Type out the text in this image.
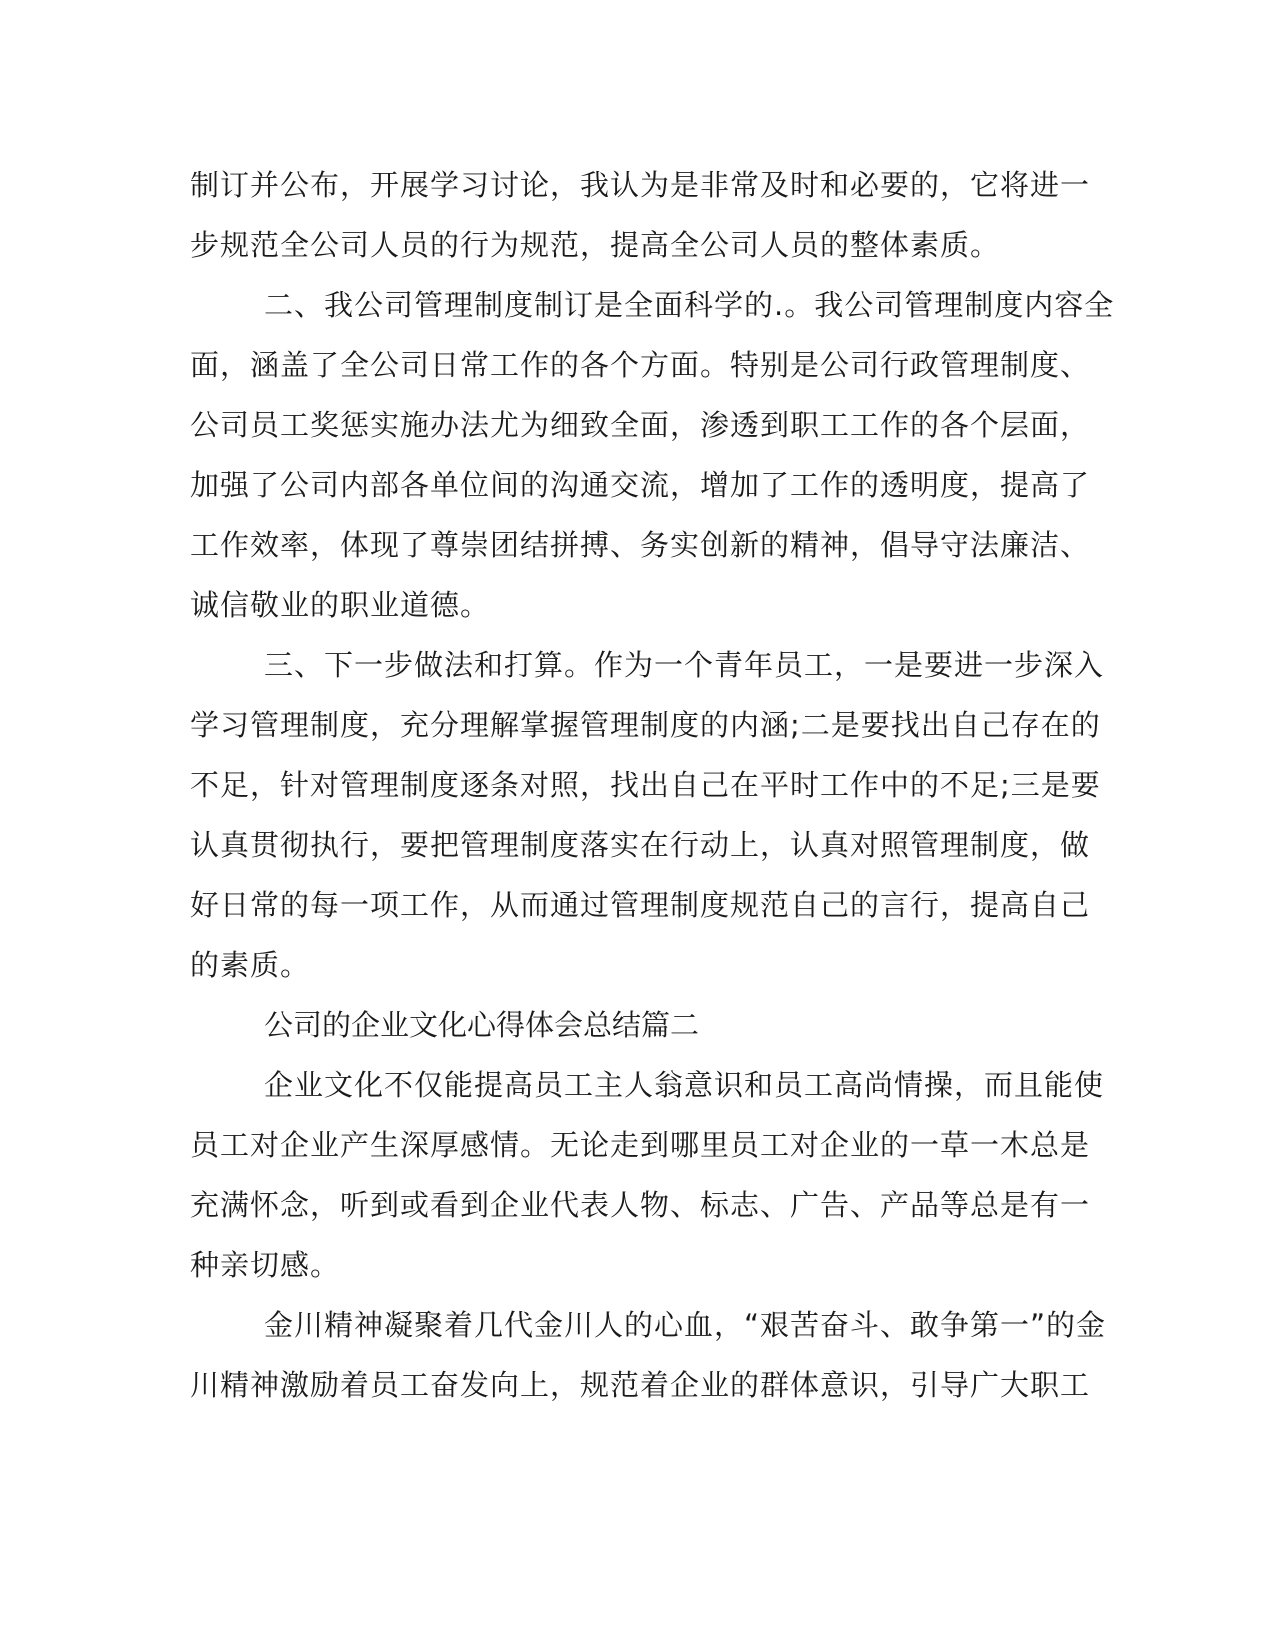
制订并公布，开展学习讨论，我认为是非常及时和必要的，它将进一
步规范全公司人员的行为规范，提高全公司人员的整体素质。
二、我公司管理制度制订是全面科学的.。我公司管理制度内容全
面，涵盖了全公司日常工作的各个方面。特别是公司行政管理制度、
公司员工奖惩实施办法尤为细致全面，渗透到职工工作的各个层面，
加强了公司内部各单位间的沟通交流，增加了工作的透明度，提高了
工作效率，体现了尊崇团结拼搏、务实创新的精神，倡导守法廉洁、
诚信敬业的职业道德。
三、下一步做法和打算。作为一个青年员工，一是要进一步深入
学习管理制度，充分理解掌握管理制度的内涵;二是要找出自己存在的
不足，针对管理制度逐条对照，找出自己在平时工作中的不足;三是要
认真贯彻执行，要把管理制度落实在行动上，认真对照管理制度，做
好日常的每一项工作，从而通过管理制度规范自己的言行，提高自己
的素质。
公司的企业文化心得体会总结篇二
企业文化不仅能提高员工主人翁意识和员工高尚情操，而且能使
员工对企业产生深厚感情。无论走到哪里员工对企业的一草一木总是
充满怀念，听到或看到企业代表人物、标志、广告、产品等总是有一
种亲切感。
金川精神凝聚着几代金川人的心血，“艰苦奋斗、敢争第一”的金
川精神激励着员工奋发向上，规范着企业的群体意识，引导广大职工
